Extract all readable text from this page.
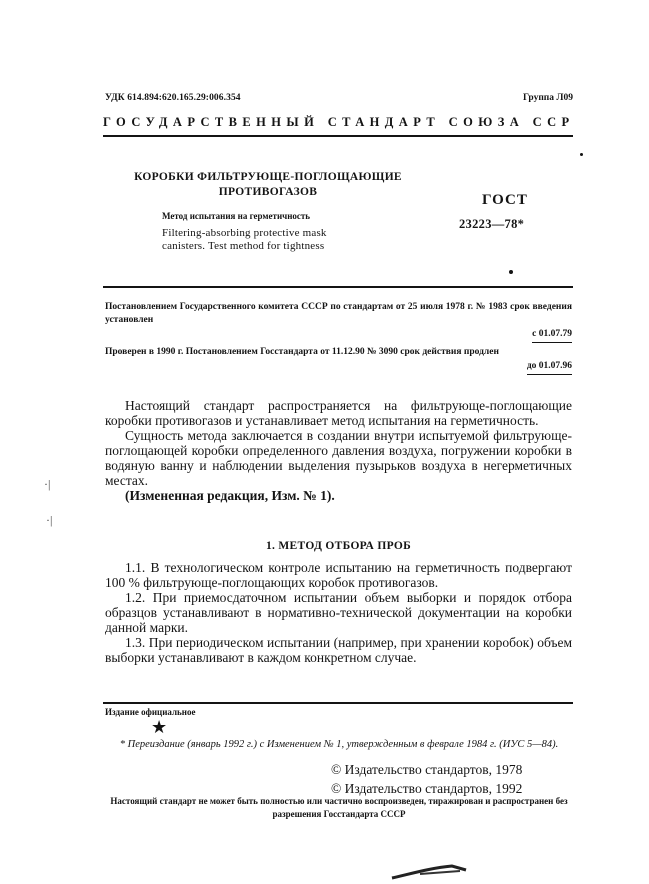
УДК 614.894:620.165.29:006.354	Группа Л09
ГОСУДАРСТВЕННЫЙ СТАНДАРТ СОЮЗА ССР
КОРОБКИ ФИЛЬТРУЮЩЕ-ПОГЛОЩАЮЩИЕ
ПРОТИВОГАЗОВ
Метод испытания на герметичность
Filtering-absorbing protective mask
canisters. Test method for tightness
ГОСТ
23223—78*
Постановлением Государственного комитета СССР по стандартам от 25 июля 1978 г. № 1983 срок введения установлен
с 01.07.79
Проверен в 1990 г. Постановлением Госстандарта от 11.12.90 № 3090 срок действия продлен
до 01.07.96

Настоящий стандарт распространяется на фильтрующе-поглощающие коробки противогазов и устанавливает метод испытания на герметичность.

Сущность метода заключается в создании внутри испытуемой фильтрующе-поглощающей коробки определенного давления воздуха, погружении коробки в водяную ванну и наблюдении выделения пузырьков воздуха в негерметичных местах.

(Измененная редакция, Изм. № 1).

·|
·|
1. МЕТОД ОТБОРА ПРОБ

1.1. В технологическом контроле испытанию на герметичность подвергают 100 % фильтрующе-поглощающих коробок противогазов.

1.2. При приемосдаточном испытании объем выборки и порядок отбора образцов устанавливают в нормативно-технической документации на коробки данной марки.

1.3. При периодическом испытании (например, при хранении коробок) объем выборки устанавливают в каждом конкретном случае.

Издание официальное
★
* Переиздание (январь 1992 г.) с Изменением № 1, утвержденным в феврале 1984 г. (ИУС 5—84).
© Издательство стандартов, 1978
© Издательство стандартов, 1992
Настоящий стандарт не может быть полностью или частично воспроизведен, тиражирован и распространен без разрешения Госстандарта СССР
